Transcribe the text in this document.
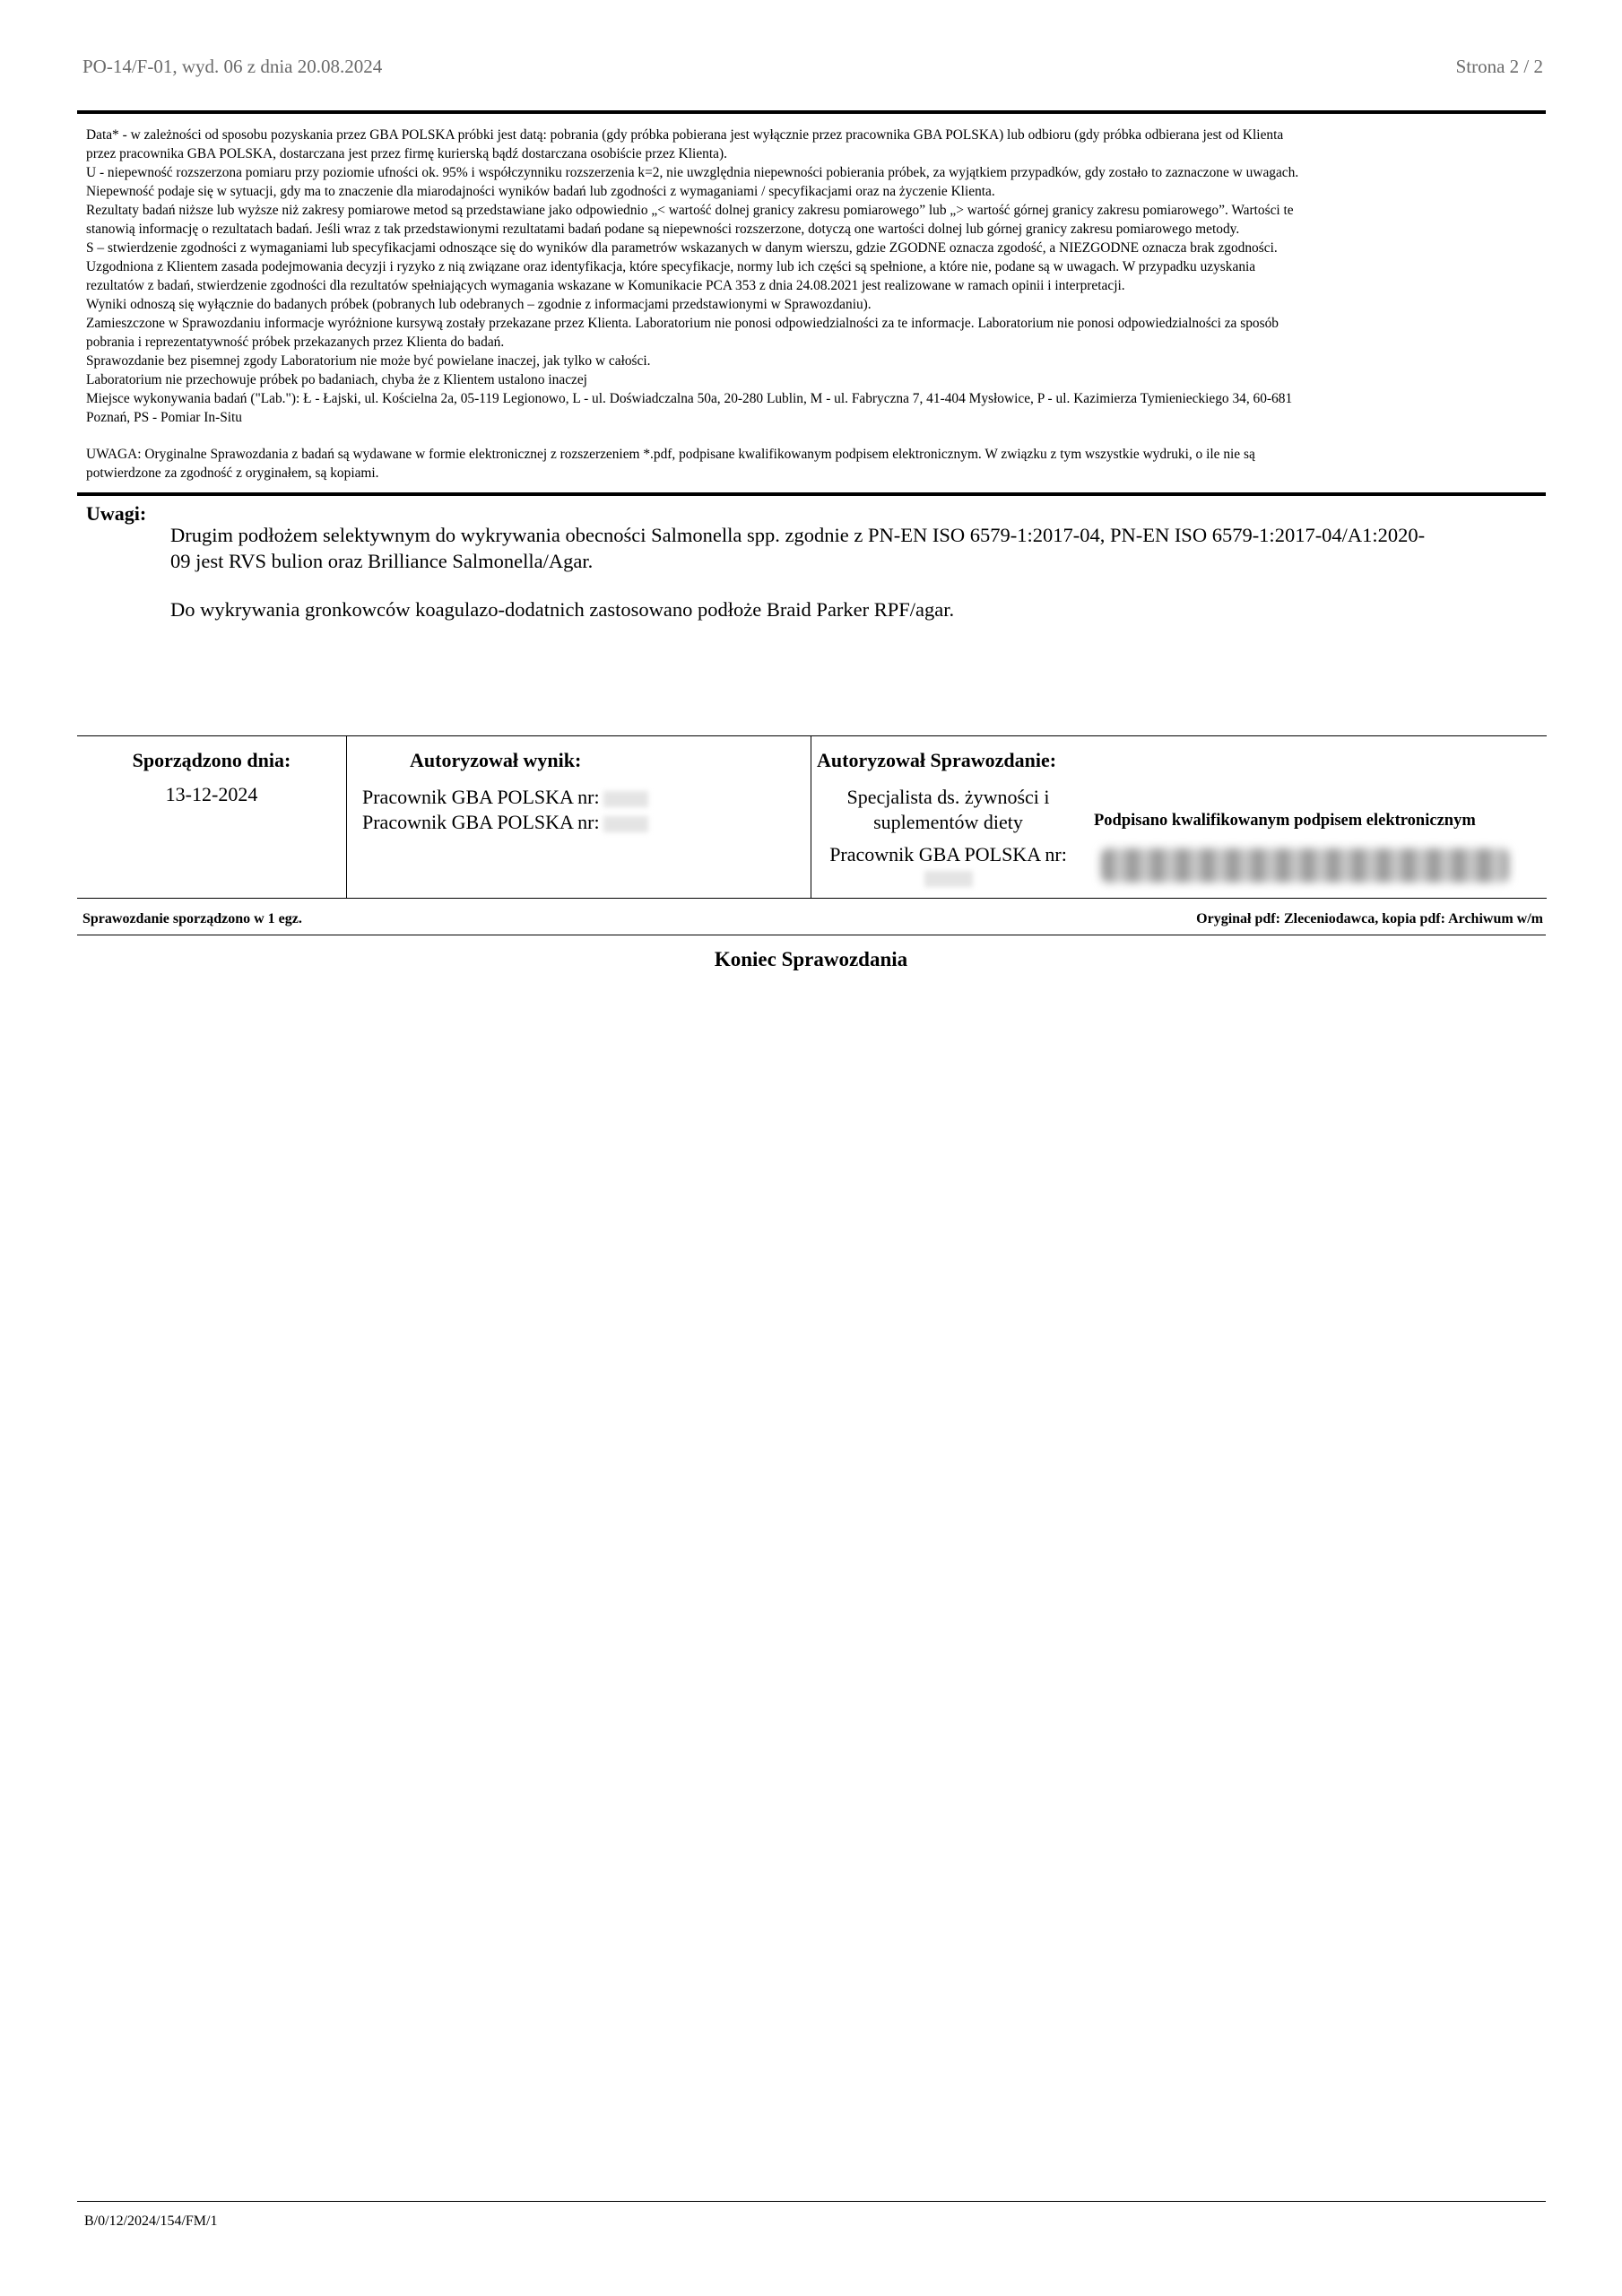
PO-14/F-01, wyd. 06 z dnia 20.08.2024	Strona 2 / 2
Data* - w zależności od sposobu pozyskania przez GBA POLSKA próbki jest datą: pobrania (gdy próbka pobierana jest wyłącznie przez pracownika GBA POLSKA) lub odbioru (gdy próbka odbierana jest od Klienta
przez pracownika GBA POLSKA, dostarczana jest przez firmę kurierską bądź dostarczana osobiście przez Klienta).
U - niepewność rozszerzona pomiaru przy poziomie ufności ok. 95% i współczynniku rozszerzenia k=2, nie uwzględnia niepewności pobierania próbek, za wyjątkiem przypadków, gdy zostało to zaznaczone w uwagach.
Niepewność podaje się w sytuacji, gdy ma to znaczenie dla miarodajności wyników badań lub zgodności z wymaganiami / specyfikacjami oraz na życzenie Klienta.
Rezultaty badań niższe lub wyższe niż zakresy pomiarowe metod są przedstawiane jako odpowiednio „< wartość dolnej granicy zakresu pomiarowego” lub „> wartość górnej granicy zakresu pomiarowego”. Wartości te
stanowią informację o rezultatach badań. Jeśli wraz z tak przedstawionymi rezultatami badań podane są niepewności rozszerzone, dotyczą one wartości dolnej lub górnej granicy zakresu pomiarowego metody.
S – stwierdzenie zgodności z wymaganiami lub specyfikacjami odnoszące się do wyników dla parametrów wskazanych w danym wierszu, gdzie ZGODNE oznacza zgodość, a NIEZGODNE oznacza brak zgodności.
Uzgodniona z Klientem zasada podejmowania decyzji i ryzyko z nią związane oraz identyfikacja, które specyfikacje, normy lub ich części są spełnione, a które nie, podane są w uwagach. W przypadku uzyskania
rezultatów z badań, stwierdzenie zgodności dla rezultatów spełniających wymagania wskazane w Komunikacie PCA 353 z dnia 24.08.2021 jest realizowane w ramach opinii i interpretacji.
Wyniki odnoszą się wyłącznie do badanych próbek (pobranych lub odebranych – zgodnie z informacjami przedstawionymi w Sprawozdaniu).
Zamieszczone w Sprawozdaniu informacje wyróżnione kursywą zostały przekazane przez Klienta. Laboratorium nie ponosi odpowiedzialności za te informacje. Laboratorium nie ponosi odpowiedzialności za sposób
pobrania i reprezentatywność próbek przekazanych przez Klienta do badań.
Sprawozdanie bez pisemnej zgody Laboratorium nie może być powielane inaczej, jak tylko w całości.
Laboratorium nie przechowuje próbek po badaniach, chyba że z Klientem ustalono inaczej
Miejsce wykonywania badań ("Lab."): Ł - Łajski, ul. Kościelna 2a, 05-119 Legionowo, L - ul. Doświadczalna 50a, 20-280 Lublin, M - ul. Fabryczna 7, 41-404 Mysłowice, P - ul. Kazimierza Tymienieckiego 34, 60-681
Poznań, PS - Pomiar In-Situ
UWAGA: Oryginalne Sprawozdania z badań są wydawane w formie elektronicznej z rozszerzeniem *.pdf, podpisane kwalifikowanym podpisem elektronicznym. W związku z tym wszystkie wydruki, o ile nie są
potwierdzone za zgodność z oryginałem, są kopiami.
Uwagi:

Drugim podłożem selektywnym do wykrywania obecności Salmonella spp. zgodnie z PN-EN ISO 6579-1:2017-04, PN-EN ISO 6579-1:2017-04/A1:2020-09 jest RVS bulion oraz Brilliance Salmonella/Agar.

Do wykrywania gronkowców koagulazo-dodatnich zastosowano podłoże Braid Parker RPF/agar.

Sporządzono dnia:
13-12-2024

Autoryzował wynik:
Pracownik GBA POLSKA nr:
Pracownik GBA POLSKA nr:

Autoryzował Sprawozdanie:
Specjalista ds. żywności i suplementów diety
Pracownik GBA POLSKA nr:
Podpisano kwalifikowanym podpisem elektronicznym
Sprawozdanie sporządzono w 1 egz.	Oryginał pdf: Zleceniodawca, kopia pdf: Archiwum w/m
Koniec Sprawozdania
B/0/12/2024/154/FM/1
